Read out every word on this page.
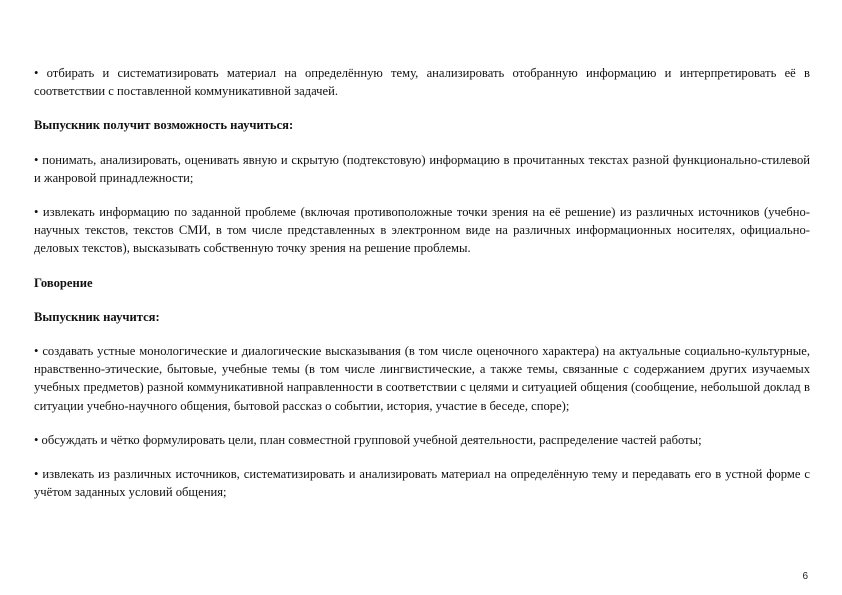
• отбирать и систематизировать материал на определённую тему, анализировать отобранную информацию и интерпретировать её в соответствии с поставленной коммуникативной задачей.

Выпускник получит возможность научиться:

• понимать, анализировать, оценивать явную и скрытую (подтекстовую) информацию в прочитанных текстах разной функционально-стилевой и жанровой принадлежности;

• извлекать информацию по заданной проблеме (включая противоположные точки зрения на её решение) из различных источников (учебно-научных текстов, текстов СМИ, в том числе представленных в электронном виде на различных информационных носителях, официально-деловых текстов), высказывать собственную точку зрения на решение проблемы.

Говорение

Выпускник научится:

• создавать устные монологические и диалогические высказывания (в том числе оценочного характера) на актуальные социально-культурные, нравственно-этические, бытовые, учебные темы (в том числе лингвистические, а также темы, связанные с содержанием других изучаемых учебных предметов) разной коммуникативной направленности в соответствии с целями и ситуацией общения (сообщение, небольшой доклад в ситуации учебно-научного общения, бытовой рассказ о событии, история, участие в беседе, споре);

• обсуждать и чётко формулировать цели, план совместной групповой учебной деятельности, распределение частей работы;

• извлекать из различных источников, систематизировать и анализировать материал на определённую тему и передавать его в устной форме с учётом заданных условий общения;

6
